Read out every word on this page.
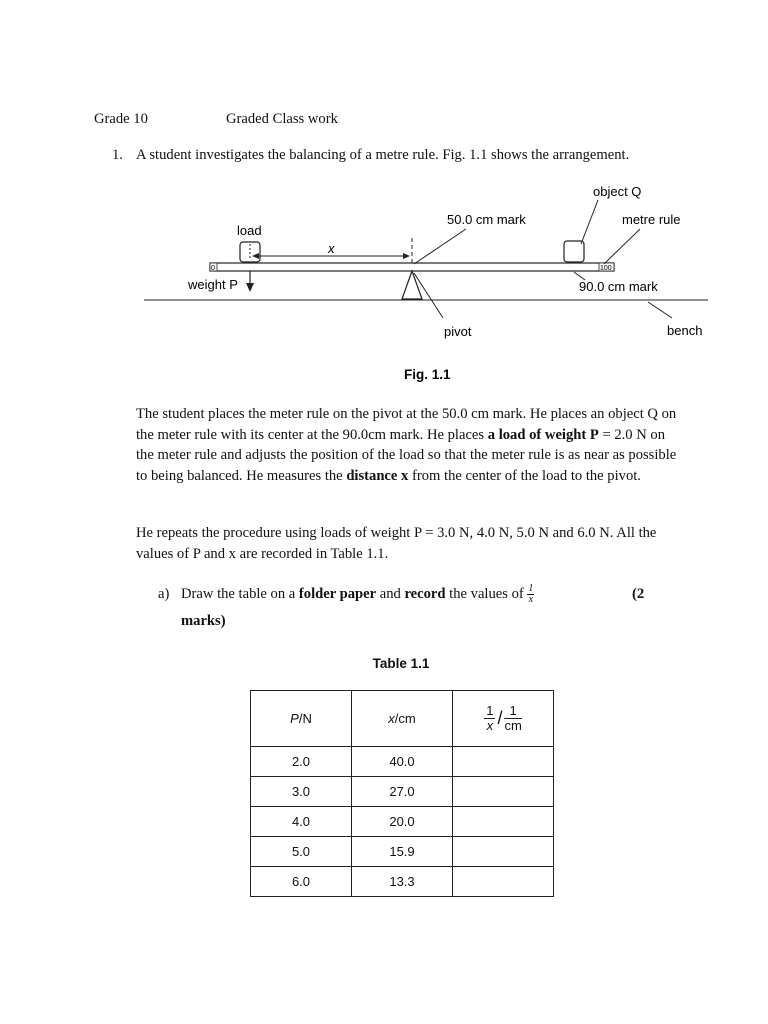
Grade 10	Graded Class work
1. A student investigates the balancing of a metre rule. Fig. 1.1 shows the arrangement.
0	100
pivot
50.0 cm mark
load
x
weight P
object Q
metre rule
90.0 cm mark
bench
Fig. 1.1
The student places the meter rule on the pivot at the 50.0 cm mark. He places an object Q on the meter rule with its center at the 90.0cm mark. He places a load of weight P = 2.0 N on the meter rule and adjusts the position of the load so that the meter rule is as near as possible to being balanced. He measures the distance x from the center of the load to the pivot.
He repeats the procedure using loads of weight P = 3.0 N, 4.0 N, 5.0 N and 6.0 N. All the values of P and x are recorded in Table 1.1.
a) Draw the table on a folder paper and record the values of $\frac{1}{x}$	(2
marks)
Table 1.1
P/N	x/cm	$\frac{1}{x} / \frac{1}{cm}$

2.0	40.0	
3.0	27.0	
4.0	20.0	
5.0	15.9	
6.0	13.3	
